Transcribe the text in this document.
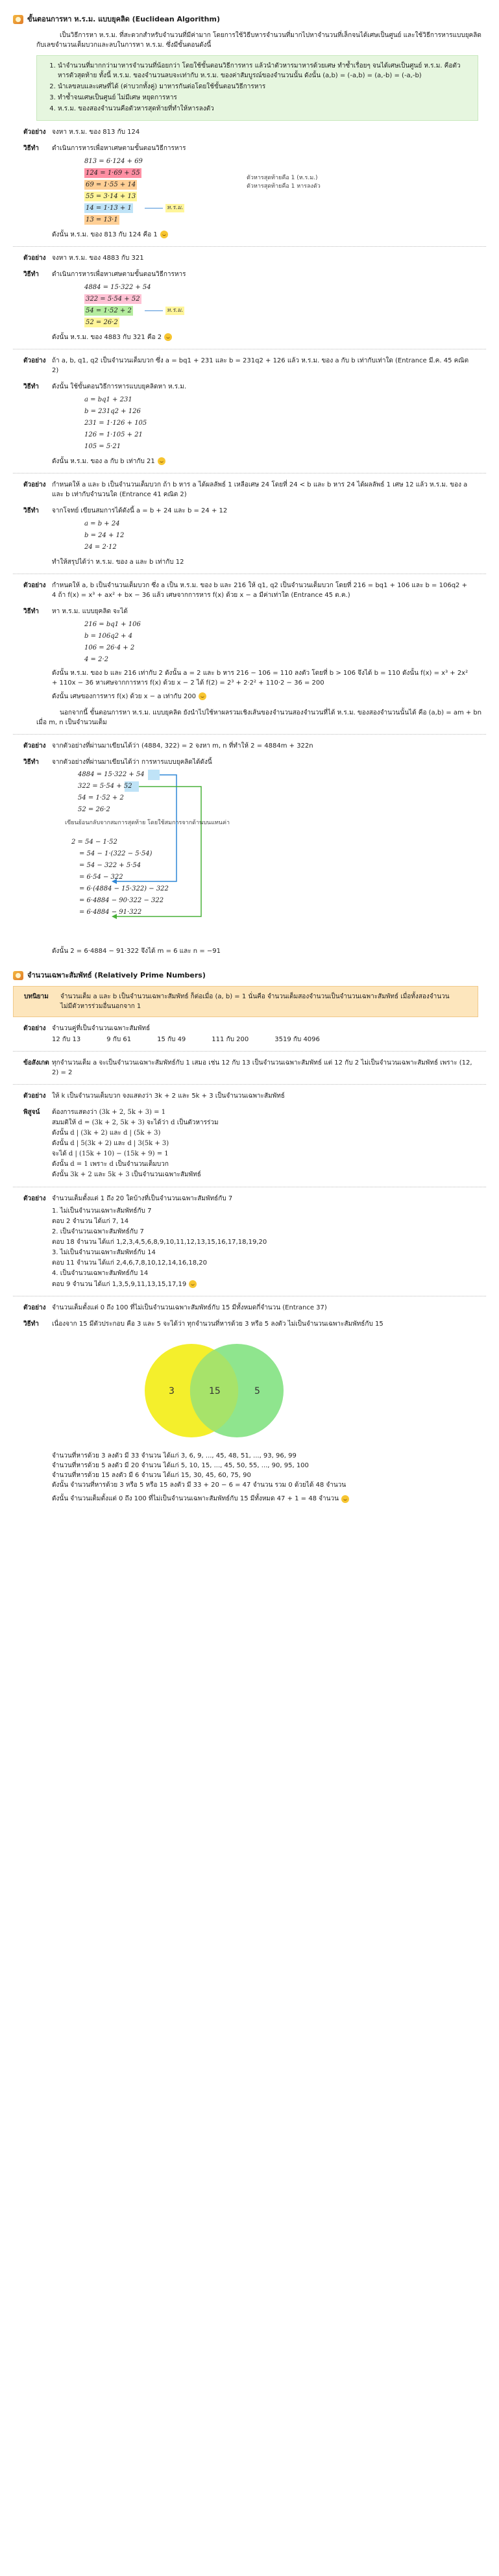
ขั้นตอนการหา ห.ร.ม. แบบยุคลิด (Euclidean Algorithm)

เป็นวิธีการหา ห.ร.ม. ที่สะดวกสำหรับจำนวนที่มีค่ามาก โดยการใช้วิธีบหารจำนวนที่มากไปหาจำนวนที่เล็กจนได้เศษเป็นศูนย์ และใช้วิธีการหารแบบยุคลิดกับเลขจำนวนเต็มบวกและลบในการหา ห.ร.ม. ซึ่งมีขั้นตอนดังนี้

1. นำจำนวนที่มากกว่ามาหารจำนวนที่น้อยกว่า โดยใช้ขั้นตอนวิธีการหาร แล้วนำตัวหารมาหารด้วยเศษ ทำซ้ำเรื่อยๆ จนได้เศษเป็นศูนย์ ห.ร.ม. คือตัวหารตัวสุดท้าย ทั้งนี้ ห.ร.ม. ของจำนวนลบจะเท่ากับ ห.ร.ม. ของค่าสัมบูรณ์ของจำนวนนั้น ดังนั้น (a,b) = (-a,b) = (a,-b) = (-a,-b)
2. นำเลขลบและเศษที่ได้ (ค่าบวกทั้งคู่) มาหารกันต่อโดยใช้ขั้นตอนวิธีการหาร
3. ทำซ้ำจนเศษเป็นศูนย์ ไม่มีเศษ หยุดการหาร
4. ห.ร.ม. ของสองจำนวนคือตัวหารสุดท้ายที่ทำให้หารลงตัว
ตัวอย่าง จงหา ห.ร.ม. ของ 813 กับ 124
วิธีทำ	ดำเนินการหารเพื่อหาเศษตามขั้นตอนวิธีการหาร
813 = 6·124 + 69
124 = 1·69 + 55
69 = 1·55 + 14
55 = 3·14 + 13
14 = 1·13 + 1	ห.ร.ม.
13 = 13·1
ตัวหารสุดท้ายคือ 1 (ห.ร.ม.)
ตัวหารสุดท้ายคือ 1 หารลงตัว
ดังนั้น ห.ร.ม. ของ 813 กับ 124 คือ 1
ตัวอย่าง จงหา ห.ร.ม. ของ 4883 กับ 321
วิธีทำ	ดำเนินการหารเพื่อหาเศษตามขั้นตอนวิธีการหาร
4884 = 15·322 + 54
322 = 5·54 + 52
54 = 1·52 + 2	ห.ร.ม.
52 = 26·2
ดังนั้น ห.ร.ม. ของ 4883 กับ 321 คือ 2
ตัวอย่าง ถ้า a, b, q1, q2 เป็นจำนวนเต็มบวก ซึ่ง a = bq1 + 231 และ b = 231q2 + 126 แล้ว ห.ร.ม. ของ a กับ b เท่ากับเท่าใด (Entrance มี.ค. 45 คณิต 2)
วิธีทำ	ดังนั้น ใช้ขั้นตอนวิธีการหารแบบยุคลิดหา ห.ร.ม.
a = bq1 + 231
b = 231q2 + 126
231 = 1·126 + 105
126 = 1·105 + 21
105 = 5·21
ดังนั้น ห.ร.ม. ของ a กับ b เท่ากับ 21
ตัวอย่าง กำหนดให้ a และ b เป็นจำนวนเต็มบวก ถ้า b หาร a ได้ผลลัพธ์ 1 เหลือเศษ 24 โดยที่ 24 < b และ b หาร 24 ได้ผลลัพธ์ 1 เศษ 12 แล้ว ห.ร.ม. ของ a และ b เท่ากับจำนวนใด (Entrance 41 คณิต 2)
วิธีทำ	จากโจทย์ เขียนสมการได้ดังนี้ a = b + 24 และ b = 24 + 12
a = b + 24
b = 24 + 12
24 = 2·12
ทำให้สรุปได้ว่า ห.ร.ม. ของ a และ b เท่ากับ 12
ตัวอย่าง กำหนดให้ a, b เป็นจำนวนเต็มบวก ซึ่ง a เป็น ห.ร.ม. ของ b และ 216 ให้ q1, q2 เป็นจำนวนเต็มบวก โดยที่ 216 = bq1 + 106 และ b = 106q2 + 4 ถ้า f(x) = x³ + ax² + bx − 36 แล้ว เศษจากการหาร f(x) ด้วย x − a มีค่าเท่าใด (Entrance 45 ต.ค.)
วิธีทำ	หา ห.ร.ม. แบบยุคลิด จะได้
216 = bq1 + 106
b = 106q2 + 4
106 = 26·4 + 2
4 = 2·2
ดังนั้น ห.ร.ม. ของ b และ 216 เท่ากับ 2 ดังนั้น a = 2 และ b หาร 216 − 106 = 110 ลงตัว โดยที่ b > 106 จึงได้ b = 110 ดังนั้น f(x) = x³ + 2x² + 110x − 36 หาเศษจากการหาร f(x) ด้วย x − 2 ได้ f(2) = 2³ + 2·2² + 110·2 − 36 = 200
ดังนั้น เศษของการหาร f(x) ด้วย x − a เท่ากับ 200

นอกจากนี้ ขั้นตอนการหา ห.ร.ม. แบบยุคลิด ยังนำไปใช้หาผลรวมเชิงเส้นของจำนวนสองจำนวนที่ได้ ห.ร.ม. ของสองจำนวนนั้นได้ คือ (a,b) = am + bn เมื่อ m, n เป็นจำนวนเต็ม

ตัวอย่าง จากตัวอย่างที่ผ่านมาเขียนได้ว่า (4884, 322) = 2 จงหา m, n ที่ทำให้ 2 = 4884m + 322n
วิธีทำ	จากตัวอย่างที่ผ่านมาเขียนได้ว่า การหารแบบยุคลิดได้ดังนี้
4884 = 15·322 + 54
322 = 5·54 + 52
54 = 1·52 + 2
52 = 26·2
เขียนย้อนกลับจากสมการสุดท้าย โดยใช้สมการจากด้านบนแทนค่า
2 = 54 − 1·52
= 54 − 1·(322 − 5·54)
= 54 − 322 + 5·54
= 6·54 − 322
= 6·(4884 − 15·322) − 322
= 6·4884 − 90·322 − 322
= 6·4884 − 91·322
ดังนั้น 2 = 6·4884 − 91·322 จึงได้ m = 6 และ n = −91
จำนวนเฉพาะสัมพัทธ์ (Relatively Prime Numbers)
บทนิยาม	จำนวนเต็ม a และ b เป็นจำนวนเฉพาะสัมพัทธ์ ก็ต่อเมื่อ (a, b) = 1 นั่นคือ จำนวนเต็มสองจำนวนเป็นจำนวนเฉพาะสัมพัทธ์ เมื่อทั้งสองจำนวนไม่มีตัวหารร่วมอื่นนอกจาก 1
ตัวอย่าง จำนวนคู่ที่เป็นจำนวนเฉพาะสัมพัทธ์
12 กับ 13	9 กับ 61	15 กับ 49	111 กับ 200	3519 กับ 4096
ข้อสังเกต ทุกจำนวนเต็ม a จะเป็นจำนวนเฉพาะสัมพัทธ์กับ 1 เสมอ เช่น 12 กับ 13 เป็นจำนวนเฉพาะสัมพัทธ์ แต่ 12 กับ 2 ไม่เป็นจำนวนเฉพาะสัมพัทธ์ เพราะ (12, 2) = 2
ตัวอย่าง ให้ k เป็นจำนวนเต็มบวก จงแสดงว่า 3k + 2 และ 5k + 3 เป็นจำนวนเฉพาะสัมพัทธ์
พิสูจน์	ต้องการแสดงว่า (3k + 2, 5k + 3) = 1
สมมติให้ d = (3k + 2, 5k + 3) จะได้ว่า d เป็นตัวหารร่วม
ดังนั้น d | (3k + 2) และ d | (5k + 3)
ดังนั้น d | 5(3k + 2) และ d | 3(5k + 3)
จะได้ d | (15k + 10) − (15k + 9) = 1
ดังนั้น d = 1 เพราะ d เป็นจำนวนเต็มบวก
ดังนั้น 3k + 2 และ 5k + 3 เป็นจำนวนเฉพาะสัมพัทธ์
ตัวอย่าง จำนวนเต็มตั้งแต่ 1 ถึง 20 ใดบ้างที่เป็นจำนวนเฉพาะสัมพัทธ์กับ 7
1. ไม่เป็นจำนวนเฉพาะสัมพัทธ์กับ 7
ตอบ 2 จำนวน ได้แก่ 7, 14
2. เป็นจำนวนเฉพาะสัมพัทธ์กับ 7
ตอบ 18 จำนวน ได้แก่ 1,2,3,4,5,6,8,9,10,11,12,13,15,16,17,18,19,20
3. ไม่เป็นจำนวนเฉพาะสัมพัทธ์กับ 14
ตอบ 11 จำนวน ได้แก่ 2,4,6,7,8,10,12,14,16,18,20
4. เป็นจำนวนเฉพาะสัมพัทธ์กับ 14
ตอบ 9 จำนวน ได้แก่ 1,3,5,9,11,13,15,17,19
ตัวอย่าง จำนวนเต็มตั้งแต่ 0 ถึง 100 ที่ไม่เป็นจำนวนเฉพาะสัมพัทธ์กับ 15 มีทั้งหมดกี่จำนวน (Entrance 37)
วิธีทำ	เนื่องจาก 15 มีตัวประกอบ คือ 3 และ 5 จะได้ว่า ทุกจำนวนที่หารด้วย 3 หรือ 5 ลงตัว ไม่เป็นจำนวนเฉพาะสัมพัทธ์กับ 15
3	15	5
จำนวนที่หารด้วย 3 ลงตัว มี 33 จำนวน ได้แก่ 3, 6, 9, ..., 45, 48, 51, ..., 93, 96, 99
จำนวนที่หารด้วย 5 ลงตัว มี 20 จำนวน ได้แก่ 5, 10, 15, ..., 45, 50, 55, ..., 90, 95, 100
จำนวนที่หารด้วย 15 ลงตัว มี 6 จำนวน ได้แก่ 15, 30, 45, 60, 75, 90
ดังนั้น จำนวนที่หารด้วย 3 หรือ 5 หรือ 15 ลงตัว มี 33 + 20 − 6 = 47 จำนวน รวม 0 ด้วยได้ 48 จำนวน
ดังนั้น จำนวนเต็มตั้งแต่ 0 ถึง 100 ที่ไม่เป็นจำนวนเฉพาะสัมพัทธ์กับ 15 มีทั้งหมด 47 + 1 = 48 จำนวน
